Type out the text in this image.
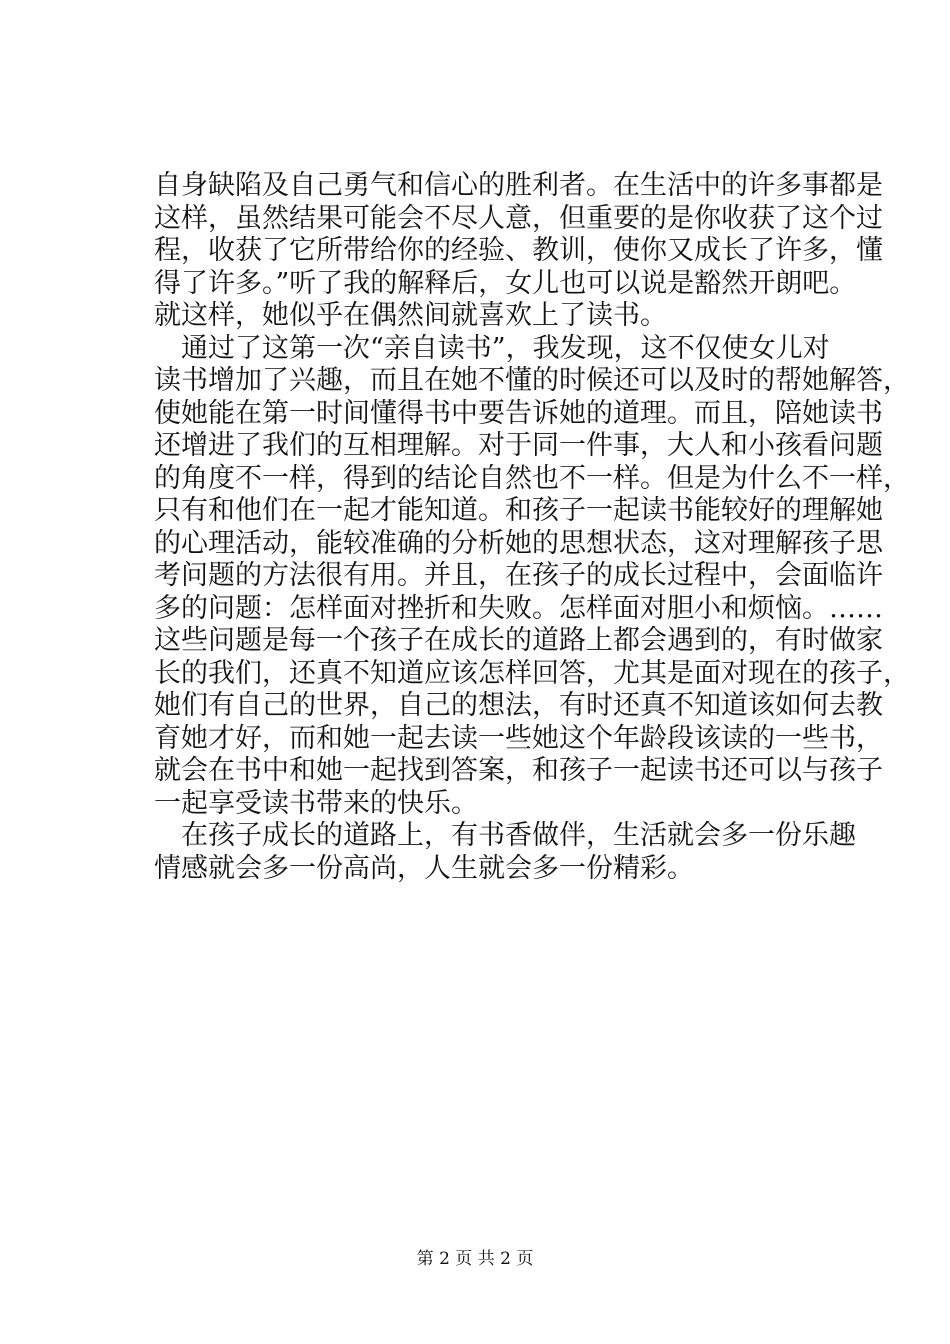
自身缺陷及自己勇气和信心的胜利者。在生活中的许多事都是
这样，虽然结果可能会不尽人意，但重要的是你收获了这个过
程，收获了它所带给你的经验、教训，使你又成长了许多，懂
得了许多。”听了我的解释后，女儿也可以说是豁然开朗吧。
就这样，她似乎在偶然间就喜欢上了读书。
通过了这第一次“亲自读书”，我发现，这不仅使女儿对
读书增加了兴趣，而且在她不懂的时候还可以及时的帮她解答，
使她能在第一时间懂得书中要告诉她的道理。而且，陪她读书
还增进了我们的互相理解。对于同一件事，大人和小孩看问题
的角度不一样，得到的结论自然也不一样。但是为什么不一样，
只有和他们在一起才能知道。和孩子一起读书能较好的理解她
的心理活动，能较准确的分析她的思想状态，这对理解孩子思
考问题的方法很有用。并且，在孩子的成长过程中，会面临许
多的问题：怎样面对挫折和失败。怎样面对胆小和烦恼。……
这些问题是每一个孩子在成长的道路上都会遇到的，有时做家
长的我们，还真不知道应该怎样回答，尤其是面对现在的孩子，
她们有自己的世界，自己的想法，有时还真不知道该如何去教
育她才好，而和她一起去读一些她这个年龄段该读的一些书，
就会在书中和她一起找到答案，和孩子一起读书还可以与孩子
一起享受读书带来的快乐。
在孩子成长的道路上，有书香做伴，生活就会多一份乐趣
情感就会多一份高尚，人生就会多一份精彩。
第 2 页 共 2 页
